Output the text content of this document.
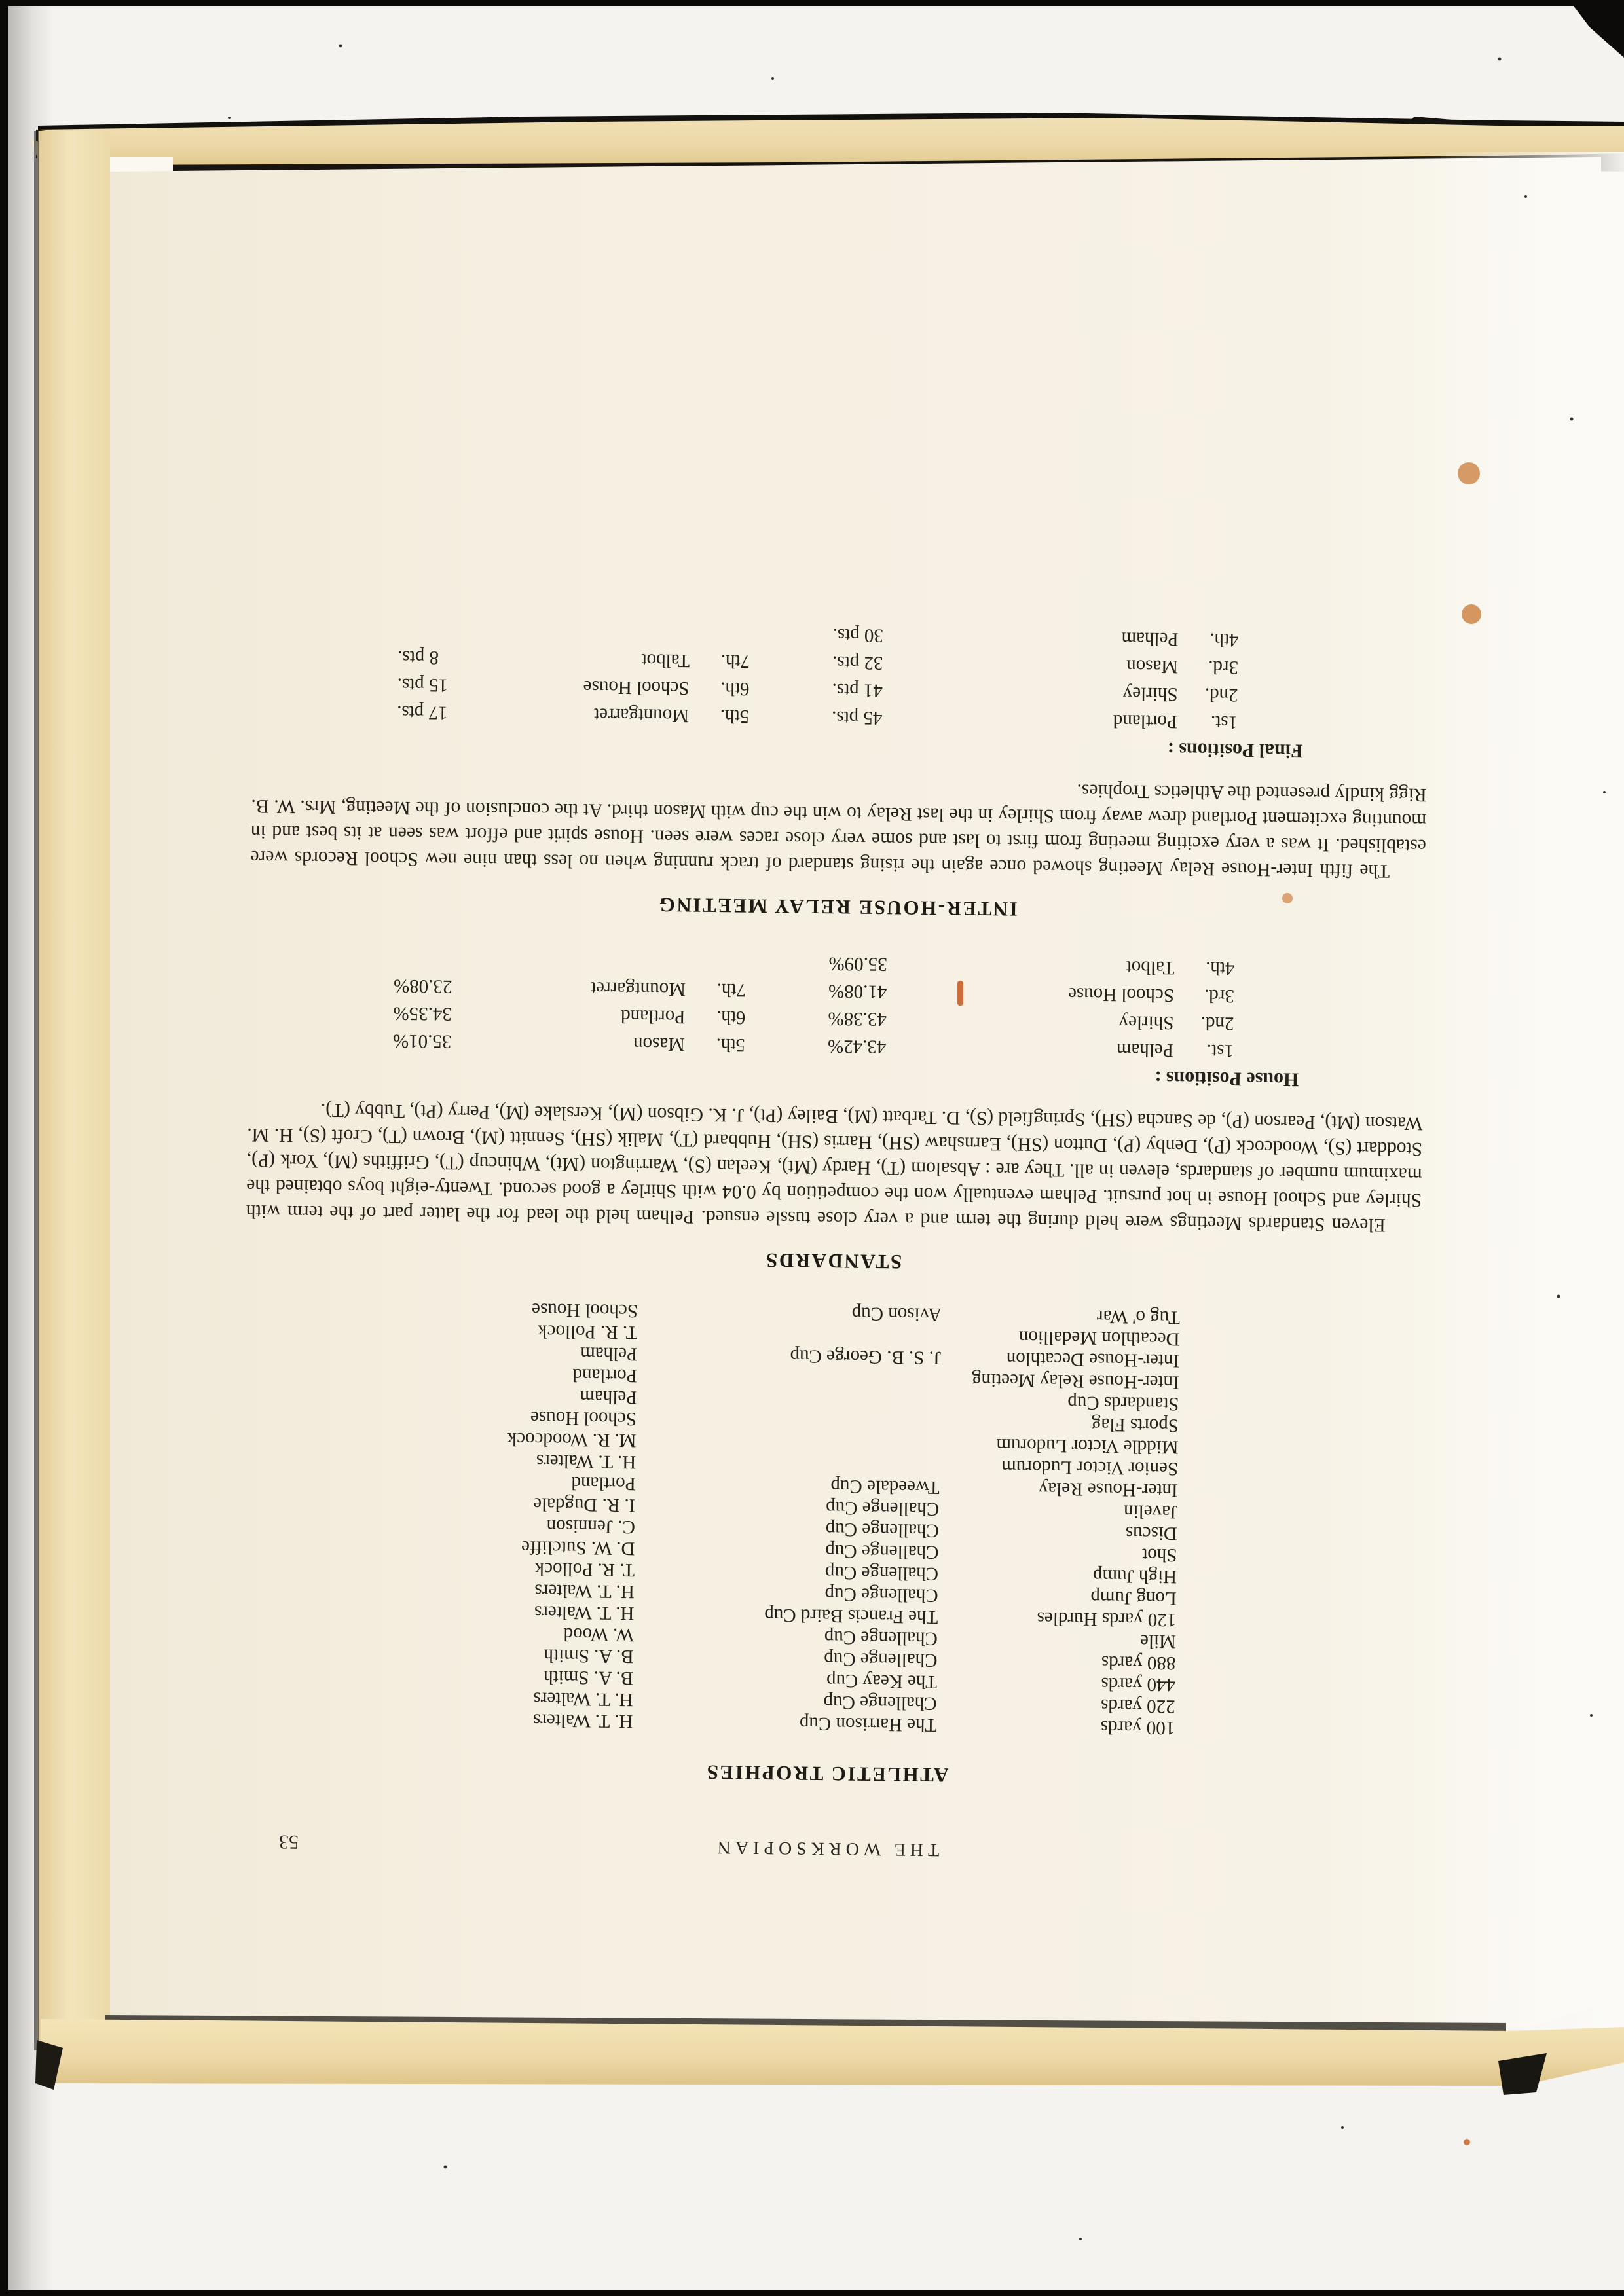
THE WORKSOPIAN
53
ATHLETIC TROPHIES
100 yards
The Harrison Cup
H. T. Walters
220 yards
Challenge Cup
H. T. Walters
440 yards
The Keay Cup
B. A. Smith
880 yards
Challenge Cup
B. A. Smith
Mile
Challenge Cup
W. Wood
120 yards Hurdles
The Francis Baird Cup
H. T. Walters
Long Jump
Challenge Cup
H. T. Walters
High Jump
Challenge Cup
T. R. Pollock
Shot
Challenge Cup
D. W. Sutcliffe
Discus
Challenge Cup
C. Jennison
Javelin
Challenge Cup
I. R. Dugdale
Inter-House Relay
Tweedale Cup
Portland
Senior Victor Ludorum
H. T. Walters
Middle Victor Ludorum
M. R. Woodcock
Sports Flag
School House
Standards Cup
Pelham
Inter-House Relay Meeting
Portland
Inter-House Decathlon
J. S. B. George Cup
Pelham
Decathlon Medallion
T. R. Pollock
Tug o' War
Avison Cup
School House
STANDARDS

Eleven Standards Meetings were held during the term and a very close tussle ensued. Pelham held the lead for the latter part of the term with Shirley and School House in hot pursuit. Pelham eventually won the competition by 0.04 with Shirley a good second. Twenty-eight boys obtained the maximum number of standards, eleven in all. They are : Absalom (T), Hardy (Mt), Keelan (S), Warrington (Mt), Whincup (T), Griffiths (M), York (P), Stoddart (S), Woodcock (P), Denby (P), Dutton (SH), Earnshaw (SH), Harris (SH), Hubbard (T), Malik (SH), Sennitt (M), Brown (T), Croft (S), H. M. Watson (Mt), Pearson (P), de Sancha (SH), Springfield (S), D. Tarbatt (M), Bailey (Pt), J. K. Gibson (M), Kerslake (M), Perry (Pt), Tubby (T).

House Positions :
1st.
Pelham
43.42%
2nd.
Shirley
43.38%
3rd.
School House
41.08%
4th.
Talbot
35.09%
5th.
Mason
35.01%
6th.
Portland
34.35%
7th.
Mountgarret
23.08%
INTER-HOUSE RELAY MEETING

The fifth Inter-House Relay Meeting showed once again the rising standard of track running when no less than nine new School Records were established. It was a very exciting meeting from first to last and some very close races were seen. House spirit and effort was seen at its best and in mounting excitement Portland drew away from Shirley in the last Relay to win the cup with Mason third. At the conclusion of the Meeting, Mrs. W. B. Rigg kindly presented the Athletics Trophies.

Final Positions :
1st.
Portland
45 pts.
2nd.
Shirley
41 pts.
3rd.
Mason
32 pts.
4th.
Pelham
30 pts.
5th.
Mountgarret
17 pts.
6th.
School House
15 pts.
7th.
Talbot
8 pts.
